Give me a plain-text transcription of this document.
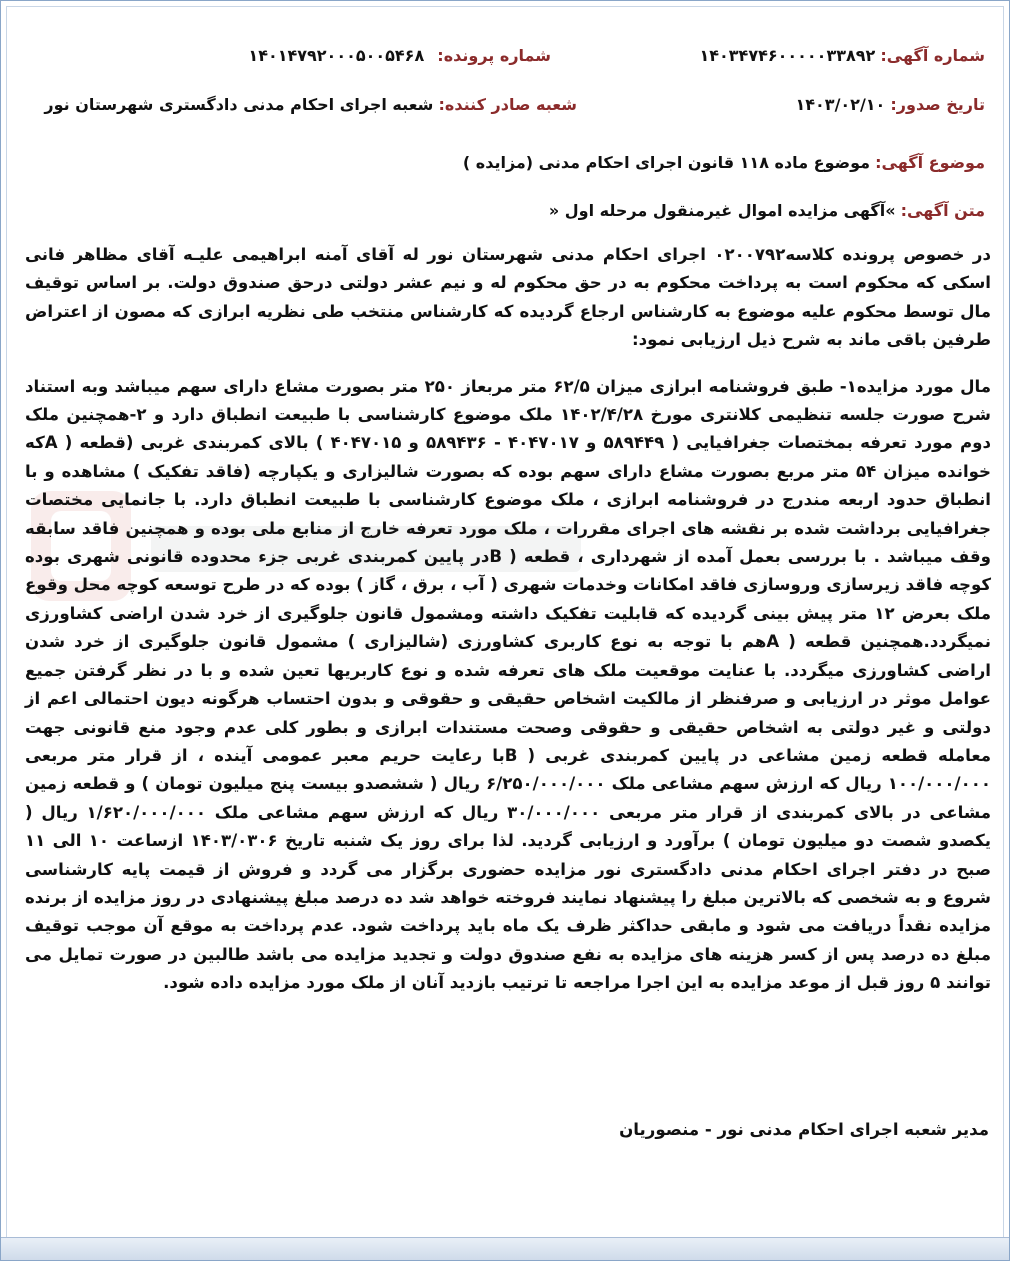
شماره آگهی: ۱۴۰۳۴۷۴۶۰۰۰۰۰۳۳۸۹۲
شماره پرونده: ۱۴۰۱۴۷۹۲۰۰۰۵۰۰۵۴۶۸
تاریخ صدور: ۱۴۰۳/۰۲/۱۰
شعبه صادر کننده: شعبه اجرای احکام مدنی دادگستری شهرستان نور
موضوع آگهی: موضوع ماده ۱۱۸ قانون اجرای احکام مدنی (مزایده )
متن آگهی: »آگهی مزایده اموال غیرمنقول مرحله اول «

در خصوص پرونده کلاسه۰۲۰۰۷۹۲ اجرای احکام مدنی شهرستان نور له آقای آمنه ابراهیمی علیـه آقای مظاهر فانی اسکی که محکوم است به پرداخت محکوم به در حق محکوم له و نیم عشر دولتی درحق صندوق دولت. بر اساس توقیف مال توسط محکوم علیه موضوع به کارشناس ارجاع گردیده که کارشناس منتخب طی نظریه ابرازی که مصون از اعتراض طرفین باقی ماند به شرح ذیل ارزیابی نمود:

مال مورد مزایده۱- طبق فروشنامه ابرازی میزان ۶۲/۵ متر مربعاز ۲۵۰ متر بصورت مشاع دارای سهم میباشد وبه استناد شرح صورت جلسه تنظیمی کلانتری مورخ ۱۴۰۲/۴/۲۸ ملک موضوع کارشناسی با طبیعت انطباق دارد و ۲-همچنین ملک دوم مورد تعرفه بمختصات جغرافیایی ( ۵۸۹۴۴۹ و ۴۰۴۷۰۱۷ - ۵۸۹۴۳۶ و ۴۰۴۷۰۱۵ ) بالای کمربندی غربی (قطعه ( Aکه خوانده میزان ۵۴ متر مربع بصورت مشاع دارای سهم بوده که بصورت شالیزاری و یکپارچه (فاقد تفکیک ) مشاهده و با انطباق حدود اربعه مندرج در فروشنامه ابرازی ، ملک موضوع کارشناسی با طبیعت انطباق دارد. با جانمایی مختصات جغرافیایی برداشت شده بر نقشه های اجرای مقررات ، ملک مورد تعرفه خارج از منابع ملی بوده و همچنین فاقد سابقه وقف میباشد . با بررسی بعمل آمده از شهرداری ، قطعه ( Bدر پایین کمربندی غربی جزء محدوده قانونی شهری بوده کوچه فاقد زیرسازی وروسازی فاقد امکانات وخدمات شهری ( آب ، برق ، گاز ) بوده که در طرح توسعه کوچه محل وقوع ملک بعرض ۱۲ متر پیش بینی گردیده که قابلیت تفکیک داشته ومشمول قانون جلوگیری از خرد شدن اراضی کشاورزی نمیگردد.همچنین قطعه ( Aهم با توجه به نوع کاربری کشاورزی (شالیزاری ) مشمول قانون جلوگیری از خرد شدن اراضی کشاورزی میگردد. با عنایت موقعیت ملک های تعرفه شده و نوع کاربریها تعین شده و با در نظر گرفتن جمیع عوامل موثر در ارزیابی و صرفنظر از مالکیت اشخاص حقیقی و حقوقی و بدون احتساب هرگونه دیون احتمالی اعم از دولتی و غیر دولتی به اشخاص حقیقی و حقوقی وصحت مستندات ابرازی و بطور کلی عدم وجود منع قانونی جهت معامله قطعه زمین مشاعی در پایین کمربندی غربی ( Bبا رعایت حریم معبر عمومی آینده ، از قرار متر مربعی ۱۰۰/۰۰۰/۰۰۰ ریال که ارزش سهم مشاعی ملک ۶/۲۵۰/۰۰۰/۰۰۰ ریال ( ششصدو بیست پنج میلیون تومان ) و قطعه زمین مشاعی در بالای کمربندی از قرار متر مربعی ۳۰/۰۰۰/۰۰۰ ریال که ارزش سهم مشاعی ملک ۱/۶۲۰/۰۰۰/۰۰۰ ریال ( یکصدو شصت دو میلیون تومان ) برآورد و ارزیابی گردید. لذا برای روز یک شنبه تاریخ ۱۴۰۳/۰۳۰۶ ازساعت ۱۰ الی ۱۱ صبح در دفتر اجرای احکام مدنی دادگستری نور مزایده حضوری برگزار می گردد و فروش از قیمت پایه کارشناسی شروع و به شخصی که بالاترین مبلغ را پیشنهاد نمایند فروخته خواهد شد ده درصد مبلغ پیشنهادی در روز مزایده از برنده مزایده نقداً دریافت می شود و مابقی حداکثر ظرف یک ماه باید پرداخت شود. عدم پرداخت به موقع آن موجب توقیف مبلغ ده درصد پس از کسر هزینه های مزایده به نفع صندوق دولت و تجدید مزایده می باشد طالبین در صورت تمایل می توانند ۵ روز قبل از موعد مزایده به این اجرا مراجعه تا ترتیب بازدید آنان از ملک مورد مزایده داده شود.

مدیر شعبه اجرای احکام مدنی نور - منصوریان
